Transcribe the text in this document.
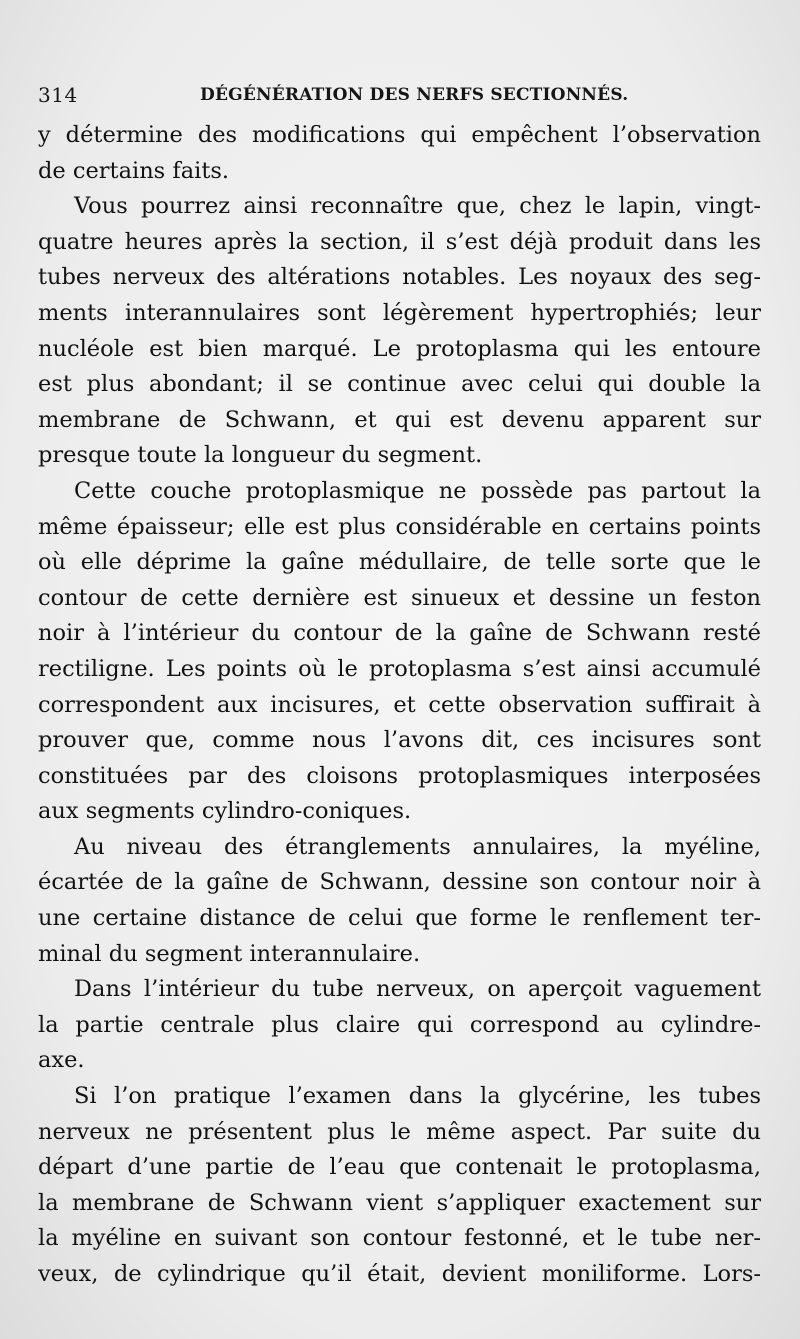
314	DÉGÉNÉRATION DES NERFS SECTIONNÉS.
y détermine des modifications qui empêchent l’observation
de certains faits.
Vous pourrez ainsi reconnaître que, chez le lapin, vingt-
quatre heures après la section, il s’est déjà produit dans les
tubes nerveux des altérations notables. Les noyaux des seg-
ments interannulaires sont légèrement hypertrophiés; leur
nucléole est bien marqué. Le protoplasma qui les entoure
est plus abondant; il se continue avec celui qui double la
membrane de Schwann, et qui est devenu apparent sur
presque toute la longueur du segment.
Cette couche protoplasmique ne possède pas partout la
même épaisseur; elle est plus considérable en certains points
où elle déprime la gaîne médullaire, de telle sorte que le
contour de cette dernière est sinueux et dessine un feston
noir à l’intérieur du contour de la gaîne de Schwann resté
rectiligne. Les points où le protoplasma s’est ainsi accumulé
correspondent aux incisures, et cette observation suffirait à
prouver que, comme nous l’avons dit, ces incisures sont
constituées par des cloisons protoplasmiques interposées
aux segments cylindro-coniques.
Au niveau des étranglements annulaires, la myéline,
écartée de la gaîne de Schwann, dessine son contour noir à
une certaine distance de celui que forme le renflement ter-
minal du segment interannulaire.
Dans l’intérieur du tube nerveux, on aperçoit vaguement
la partie centrale plus claire qui correspond au cylindre-
axe.
Si l’on pratique l’examen dans la glycérine, les tubes
nerveux ne présentent plus le même aspect. Par suite du
départ d’une partie de l’eau que contenait le protoplasma,
la membrane de Schwann vient s’appliquer exactement sur
la myéline en suivant son contour festonné, et le tube ner-
veux, de cylindrique qu’il était, devient moniliforme. Lors-
